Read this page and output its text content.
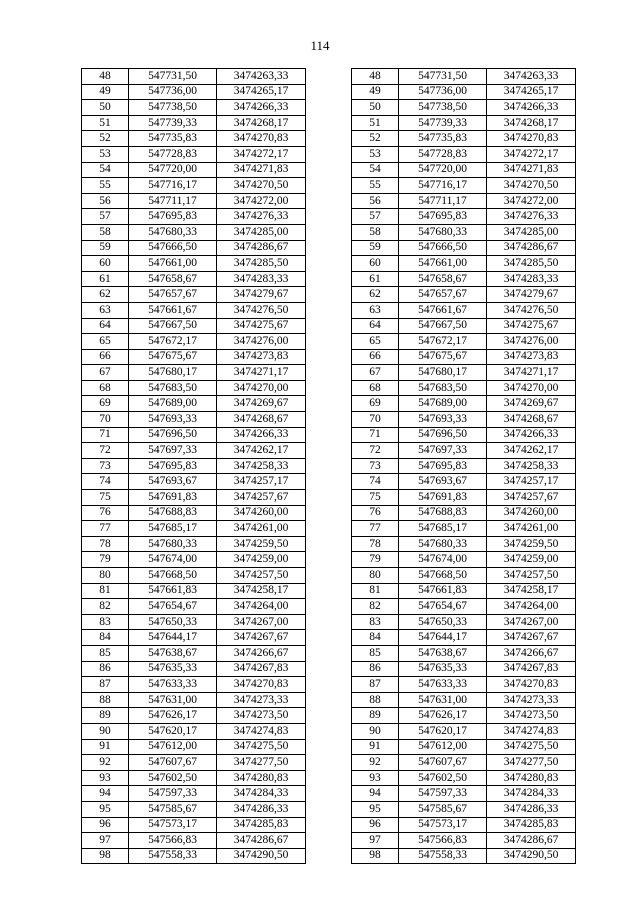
114
48	547731,50	3474263,33		48	547731,50	3474263,33
49	547736,00	3474265,17		49	547736,00	3474265,17
50	547738,50	3474266,33		50	547738,50	3474266,33
51	547739,33	3474268,17		51	547739,33	3474268,17
52	547735,83	3474270,83		52	547735,83	3474270,83
53	547728,83	3474272,17		53	547728,83	3474272,17
54	547720,00	3474271,83		54	547720,00	3474271,83
55	547716,17	3474270,50		55	547716,17	3474270,50
56	547711,17	3474272,00		56	547711,17	3474272,00
57	547695,83	3474276,33		57	547695,83	3474276,33
58	547680,33	3474285,00		58	547680,33	3474285,00
59	547666,50	3474286,67		59	547666,50	3474286,67
60	547661,00	3474285,50		60	547661,00	3474285,50
61	547658,67	3474283,33		61	547658,67	3474283,33
62	547657,67	3474279,67		62	547657,67	3474279,67
63	547661,67	3474276,50		63	547661,67	3474276,50
64	547667,50	3474275,67		64	547667,50	3474275,67
65	547672,17	3474276,00		65	547672,17	3474276,00
66	547675,67	3474273,83		66	547675,67	3474273,83
67	547680,17	3474271,17		67	547680,17	3474271,17
68	547683,50	3474270,00		68	547683,50	3474270,00
69	547689,00	3474269,67		69	547689,00	3474269,67
70	547693,33	3474268,67		70	547693,33	3474268,67
71	547696,50	3474266,33		71	547696,50	3474266,33
72	547697,33	3474262,17		72	547697,33	3474262,17
73	547695,83	3474258,33		73	547695,83	3474258,33
74	547693,67	3474257,17		74	547693,67	3474257,17
75	547691,83	3474257,67		75	547691,83	3474257,67
76	547688,83	3474260,00		76	547688,83	3474260,00
77	547685,17	3474261,00		77	547685,17	3474261,00
78	547680,33	3474259,50		78	547680,33	3474259,50
79	547674,00	3474259,00		79	547674,00	3474259,00
80	547668,50	3474257,50		80	547668,50	3474257,50
81	547661,83	3474258,17		81	547661,83	3474258,17
82	547654,67	3474264,00		82	547654,67	3474264,00
83	547650,33	3474267,00		83	547650,33	3474267,00
84	547644,17	3474267,67		84	547644,17	3474267,67
85	547638,67	3474266,67		85	547638,67	3474266,67
86	547635,33	3474267,83		86	547635,33	3474267,83
87	547633,33	3474270,83		87	547633,33	3474270,83
88	547631,00	3474273,33		88	547631,00	3474273,33
89	547626,17	3474273,50		89	547626,17	3474273,50
90	547620,17	3474274,83		90	547620,17	3474274,83
91	547612,00	3474275,50		91	547612,00	3474275,50
92	547607,67	3474277,50		92	547607,67	3474277,50
93	547602,50	3474280,83		93	547602,50	3474280,83
94	547597,33	3474284,33		94	547597,33	3474284,33
95	547585,67	3474286,33		95	547585,67	3474286,33
96	547573,17	3474285,83		96	547573,17	3474285,83
97	547566,83	3474286,67		97	547566,83	3474286,67
98	547558,33	3474290,50		98	547558,33	3474290,50
